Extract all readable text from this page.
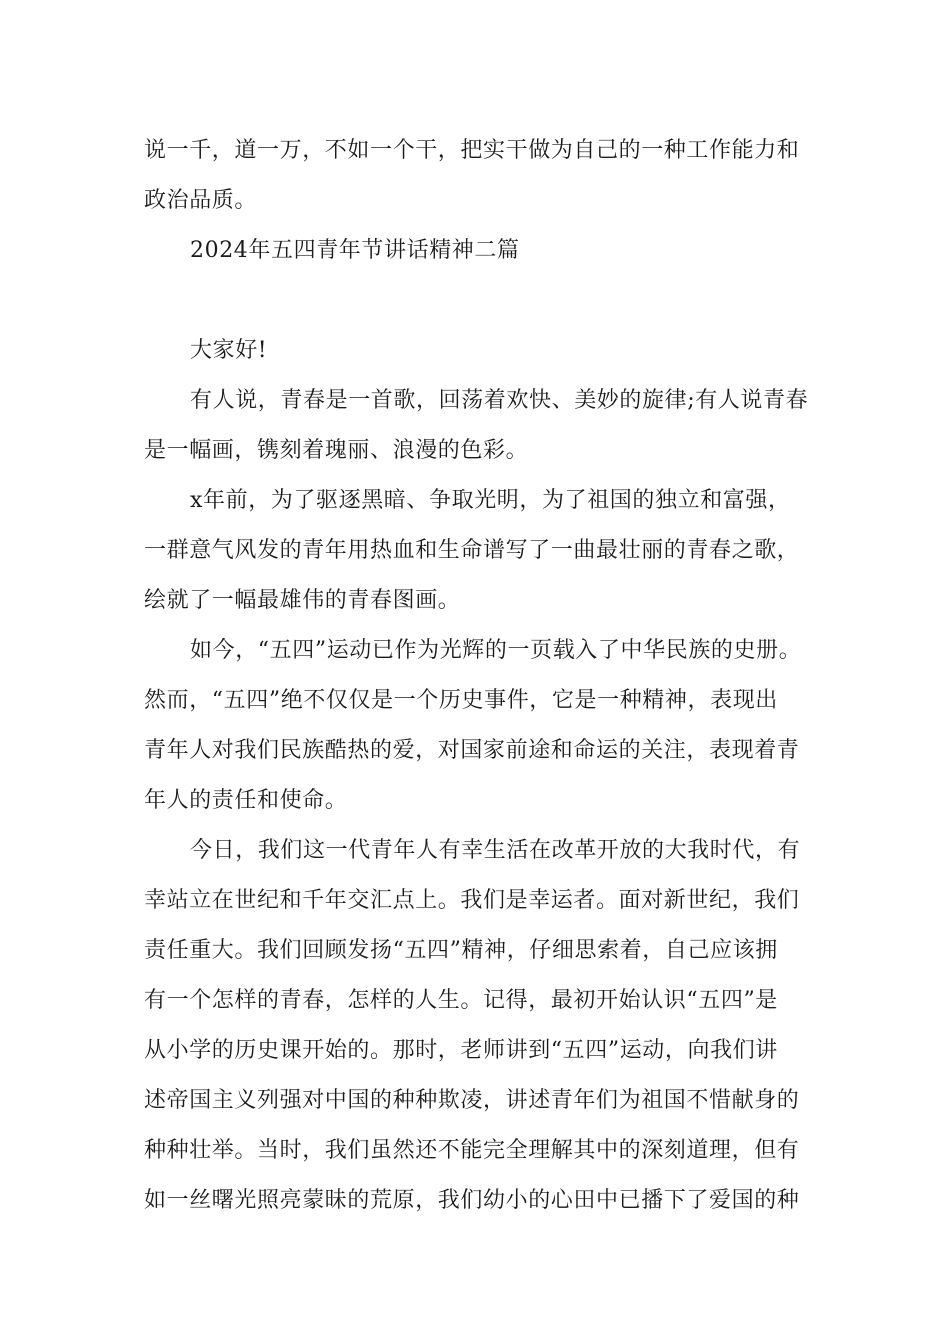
说一千，道一万，不如一个干，把实干做为自己的一种工作能力和
政治品质。
2024年五四青年节讲话精神二篇
大家好!
有人说，青春是一首歌，回荡着欢快、美妙的旋律;有人说青春
是一幅画，镌刻着瑰丽、浪漫的色彩。
x年前，为了驱逐黑暗、争取光明，为了祖国的独立和富强，
一群意气风发的青年用热血和生命谱写了一曲最壮丽的青春之歌，
绘就了一幅最雄伟的青春图画。
如今，“五四”运动已作为光辉的一页载入了中华民族的史册。
然而，“五四”绝不仅仅是一个历史事件，它是一种精神，表现出
青年人对我们民族酷热的爱，对国家前途和命运的关注，表现着青
年人的责任和使命。
今日，我们这一代青年人有幸生活在改革开放的大我时代，有
幸站立在世纪和千年交汇点上。我们是幸运者。面对新世纪，我们
责任重大。我们回顾发扬“五四”精神，仔细思索着，自己应该拥
有一个怎样的青春，怎样的人生。记得，最初开始认识“五四”是
从小学的历史课开始的。那时，老师讲到“五四”运动，向我们讲
述帝国主义列强对中国的种种欺凌，讲述青年们为祖国不惜献身的
种种壮举。当时，我们虽然还不能完全理解其中的深刻道理，但有
如一丝曙光照亮蒙昧的荒原，我们幼小的心田中已播下了爱国的种
